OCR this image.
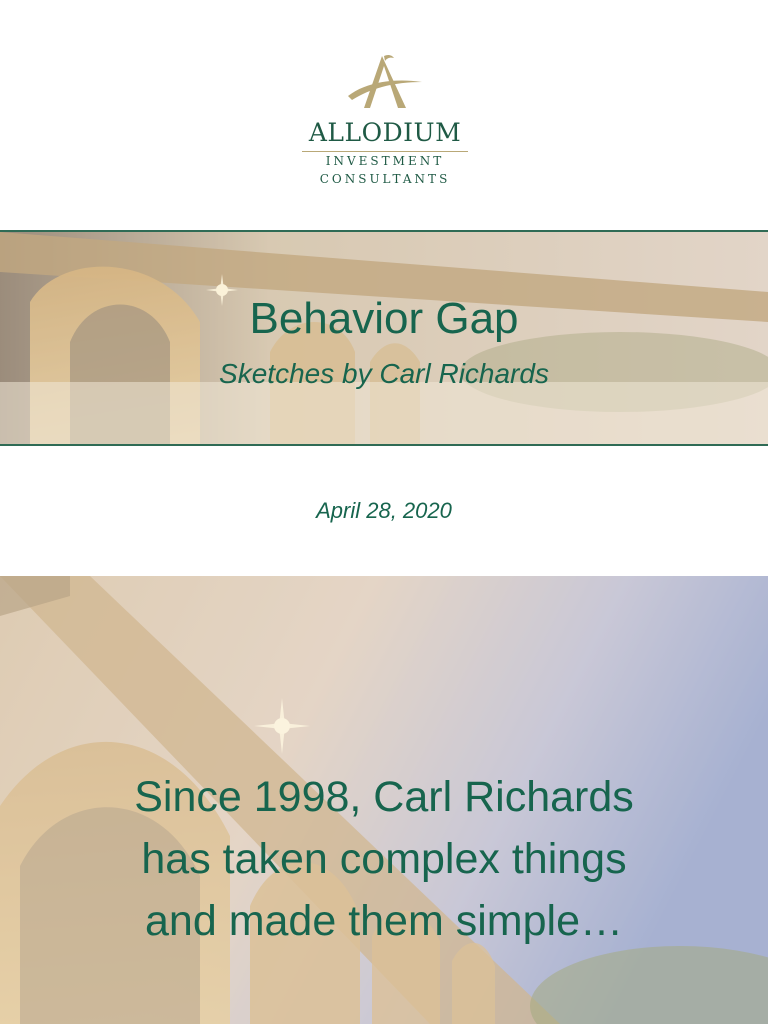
ALLODIUM
INVESTMENT
CONSULTANTS
Behavior Gap
Sketches by Carl Richards
April 28, 2020
Since 1998, Carl Richards
has taken complex things
and made them simple…
